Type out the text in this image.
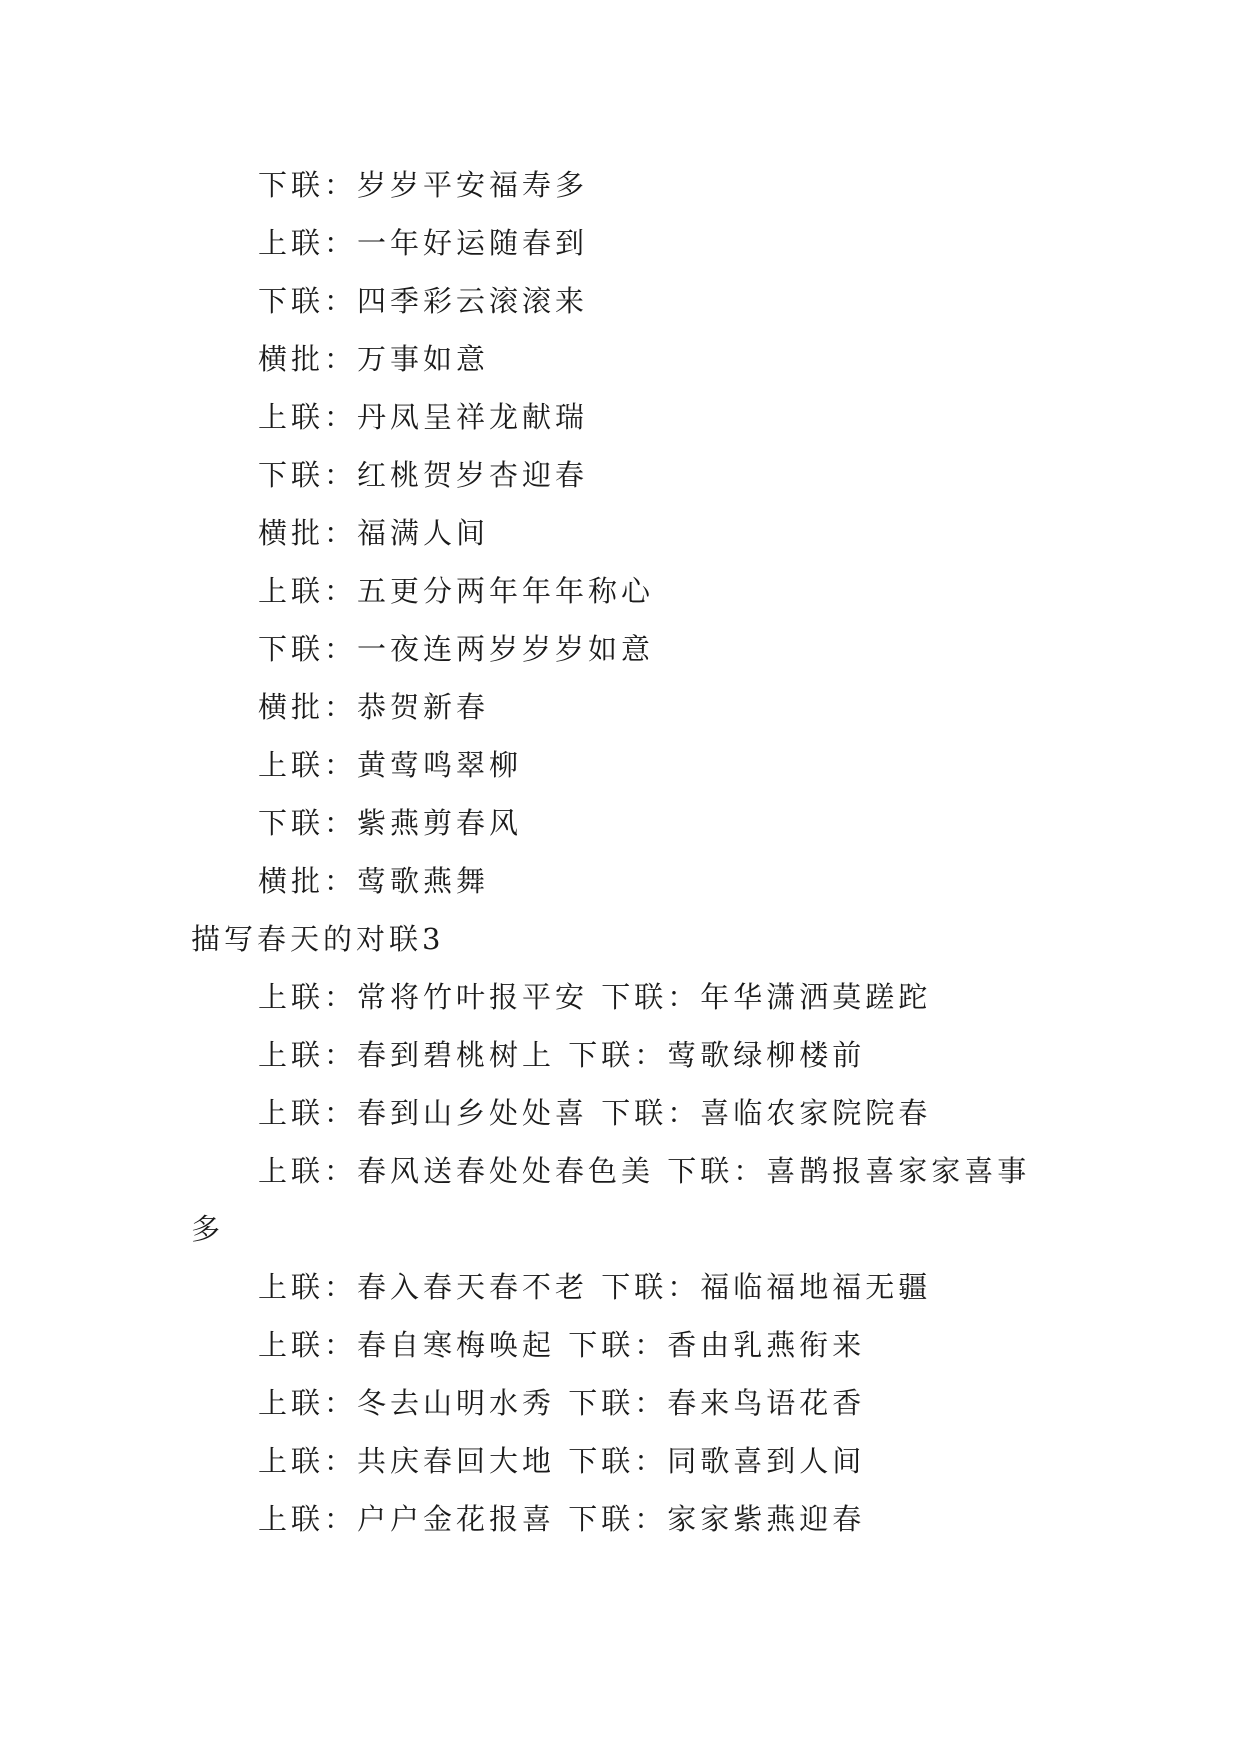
下联：岁岁平安福寿多
上联：一年好运随春到
下联：四季彩云滚滚来
横批：万事如意
上联：丹凤呈祥龙献瑞
下联：红桃贺岁杏迎春
横批：福满人间
上联：五更分两年年年称心
下联：一夜连两岁岁岁如意
横批：恭贺新春
上联：黄莺鸣翠柳
下联：紫燕剪春风
横批：莺歌燕舞
描写春天的对联3
上联：常将竹叶报平安 下联：年华潇洒莫蹉跎
上联：春到碧桃树上 下联：莺歌绿柳楼前
上联：春到山乡处处喜 下联：喜临农家院院春
上联：春风送春处处春色美 下联：喜鹊报喜家家喜事
多
上联：春入春天春不老 下联：福临福地福无疆
上联：春自寒梅唤起 下联：香由乳燕衔来
上联：冬去山明水秀 下联：春来鸟语花香
上联：共庆春回大地 下联：同歌喜到人间
上联：户户金花报喜 下联：家家紫燕迎春
